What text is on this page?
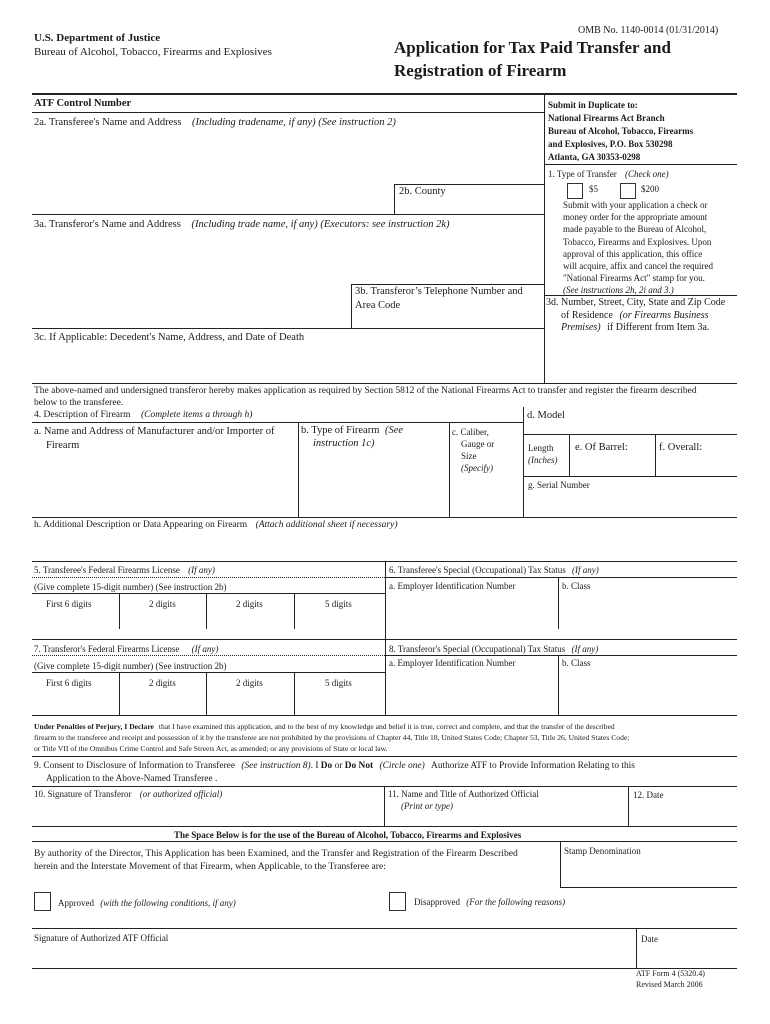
OMB No. 1140-0014 (01/31/2014)
U.S. Department of Justice
Bureau of Alcohol, Tobacco, Firearms and Explosives	Application for Tax Paid Transfer and
Registration of Firearm
Submit in Duplicate to:
National Firearms Act Branch
Bureau of Alcohol, Tobacco, Firearms
and Explosives, P.O. Box 530298
Atlanta, GA 30353-0298
1. Type of Transfer (Check one)
$5	$200
Submit with your application a check or
money order for the appropriate amount
made payable to the Bureau of Alcohol,
Tobacco, Firearms and Explosives. Upon
approval of this application, this office
will acquire, affix and cancel the required
"National Firearms Act" stamp for you.
(See instructions 2h, 2i and 3.)
3d. Number, Street, City, State and Zip Code
of Residence (or Firearms Business
Premises) if Different from Item 3a.
ATF Control Number
2a. Transferee's Name and Address (Including tradename, if any) (See instruction 2)
2b. County
3a. Transferor's Name and Address (Including trade name, if any) (Executors: see instruction 2k)
3b. Transferor’s Telephone Number and
Area Code
3c. If Applicable: Decedent's Name, Address, and Date of Death
The above-named and undersigned transferor hereby makes application as required by Section 5812 of the National Firearms Act to transfer and register the firearm described
below to the transferee.
4. Description of Firearm (Complete items a through h)	d. Model
a. Name and Address of Manufacturer and/or Importer of
Firearm
b. Type of Firearm (See
instruction 1c)
c. Caliber,
Gauge or
Size
(Specify)
Length
(Inches)
e. Of Barrel:	f. Overall:
g. Serial Number
h. Additional Description or Data Appearing on Firearm (Attach additional sheet if necessary)
5. Transferee's Federal Firearms License (If any)
(Give complete 15-digit number) (See instruction 2b)
First 6 digits	2 digits	2 digits	5 digits
6. Transferee's Special (Occupational) Tax Status (If any)
a. Employer Identification Number	b. Class
7. Transferor's Federal Firearms License (If any)
(Give complete 15-digit number) (See instruction 2b)
First 6 digits	2 digits	2 digits	5 digits
8. Transferor's Special (Occupational) Tax Status (If any)
a. Employer Identification Number	b. Class
Under Penalties of Perjury, I Declare that I have examined this application, and to the best of my knowledge and belief it is true, correct and complete, and that the transfer of the described
firearm to the transferee and receipt and possession of it by the transferee are not prohibited by the provisions of Chapter 44, Title 18, United States Code; Chapter 53, Title 26, United States Code;
or Title VII of the Omnibus Crime Control and Safe Streets Act, as amended; or any provisions of State or local law.
9. Consent to Disclosure of Information to Transferee (See instruction 8). I Do or Do Not (Circle one) Authorize ATF to Provide Information Relating to this
Application to the Above-Named Transferee .
10. Signature of Transferor (or authorized official)	11. Name and Title of Authorized Official
(Print or type)
12. Date
The Space Below is for the use of the Bureau of Alcohol, Tobacco, Firearms and Explosives
By authority of the Director, This Application has been Examined, and the Transfer and Registration of the Firearm Described
herein and the Interstate Movement of that Firearm, when Applicable, to the Transferee are:
Stamp Denomination
Approved (with the following conditions, if any)	Disapproved (For the following reasons)
Signature of Authorized ATF Official	Date
ATF Form 4 (5320.4)
Revised March 2006
